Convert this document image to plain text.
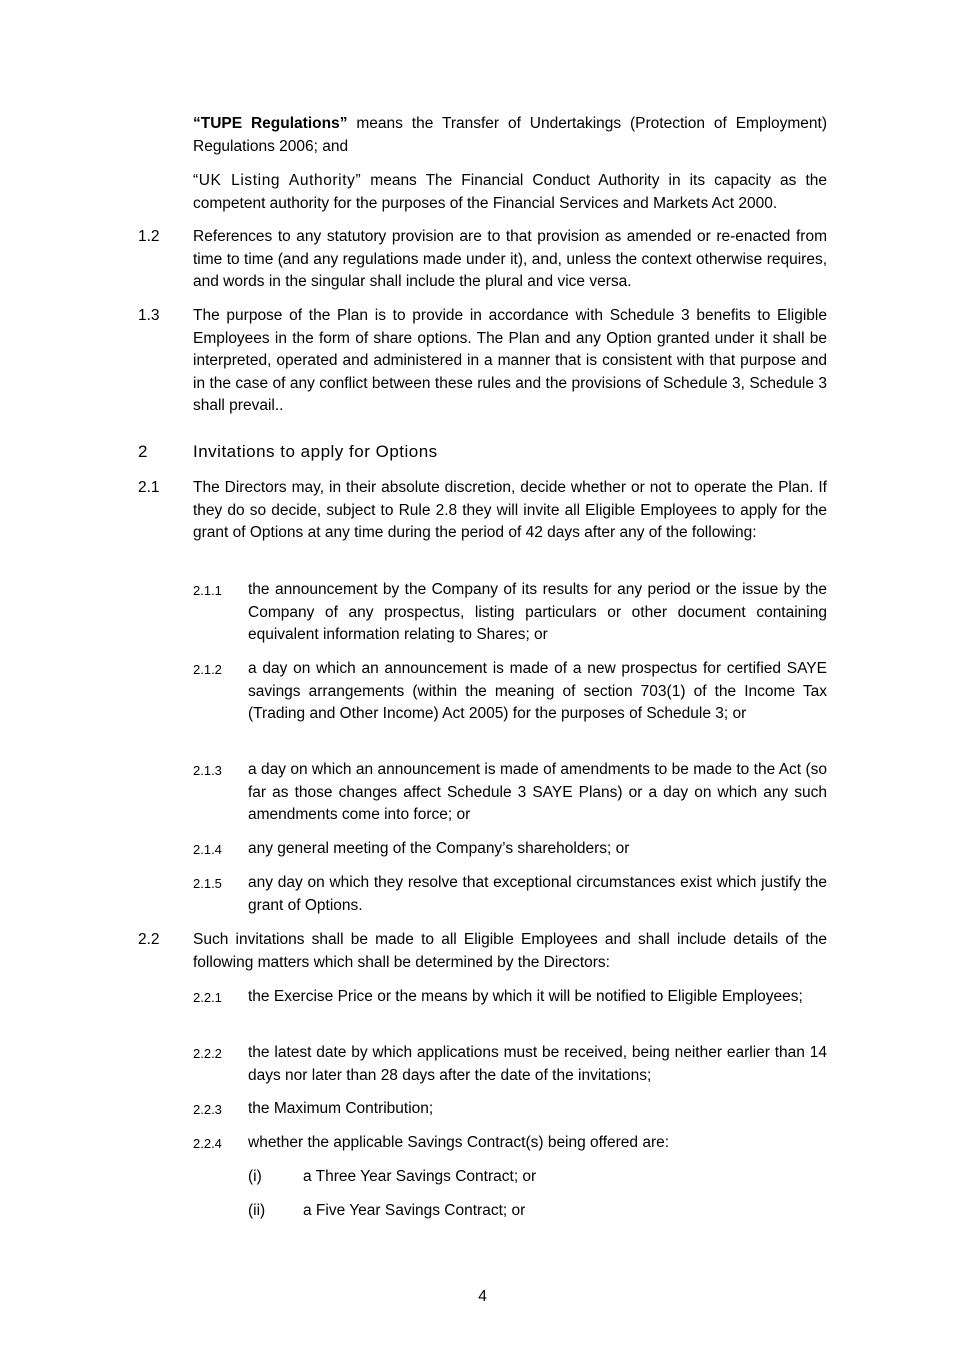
“TUPE Regulations” means the Transfer of Undertakings (Protection of Employment) Regulations 2006; and
“UK Listing Authority” means The Financial Conduct Authority in its capacity as the competent authority for the purposes of the Financial Services and Markets Act 2000.
1.2 References to any statutory provision are to that provision as amended or re-enacted from time to time (and any regulations made under it), and, unless the context otherwise requires, and words in the singular shall include the plural and vice versa.
1.3 The purpose of the Plan is to provide in accordance with Schedule 3 benefits to Eligible Employees in the form of share options. The Plan and any Option granted under it shall be interpreted, operated and administered in a manner that is consistent with that purpose and in the case of any conflict between these rules and the provisions of Schedule 3, Schedule 3 shall prevail..
2	Invitations to apply for Options
2.1 The Directors may, in their absolute discretion, decide whether or not to operate the Plan. If they do so decide, subject to Rule 2.8 they will invite all Eligible Employees to apply for the grant of Options at any time during the period of 42 days after any of the following:
2.1.1 the announcement by the Company of its results for any period or the issue by the Company of any prospectus, listing particulars or other document containing equivalent information relating to Shares; or
2.1.2 a day on which an announcement is made of a new prospectus for certified SAYE savings arrangements (within the meaning of section 703(1) of the Income Tax (Trading and Other Income) Act 2005) for the purposes of Schedule 3; or
2.1.3 a day on which an announcement is made of amendments to be made to the Act (so far as those changes affect Schedule 3 SAYE Plans) or a day on which any such amendments come into force; or
2.1.4 any general meeting of the Company’s shareholders; or
2.1.5 any day on which they resolve that exceptional circumstances exist which justify the grant of Options.
2.2 Such invitations shall be made to all Eligible Employees and shall include details of the following matters which shall be determined by the Directors:
2.2.1 the Exercise Price or the means by which it will be notified to Eligible Employees;
2.2.2 the latest date by which applications must be received, being neither earlier than 14 days nor later than 28 days after the date of the invitations;
2.2.3 the Maximum Contribution;
2.2.4 whether the applicable Savings Contract(s) being offered are:
(i)	a Three Year Savings Contract; or
(ii) a Five Year Savings Contract; or
4
